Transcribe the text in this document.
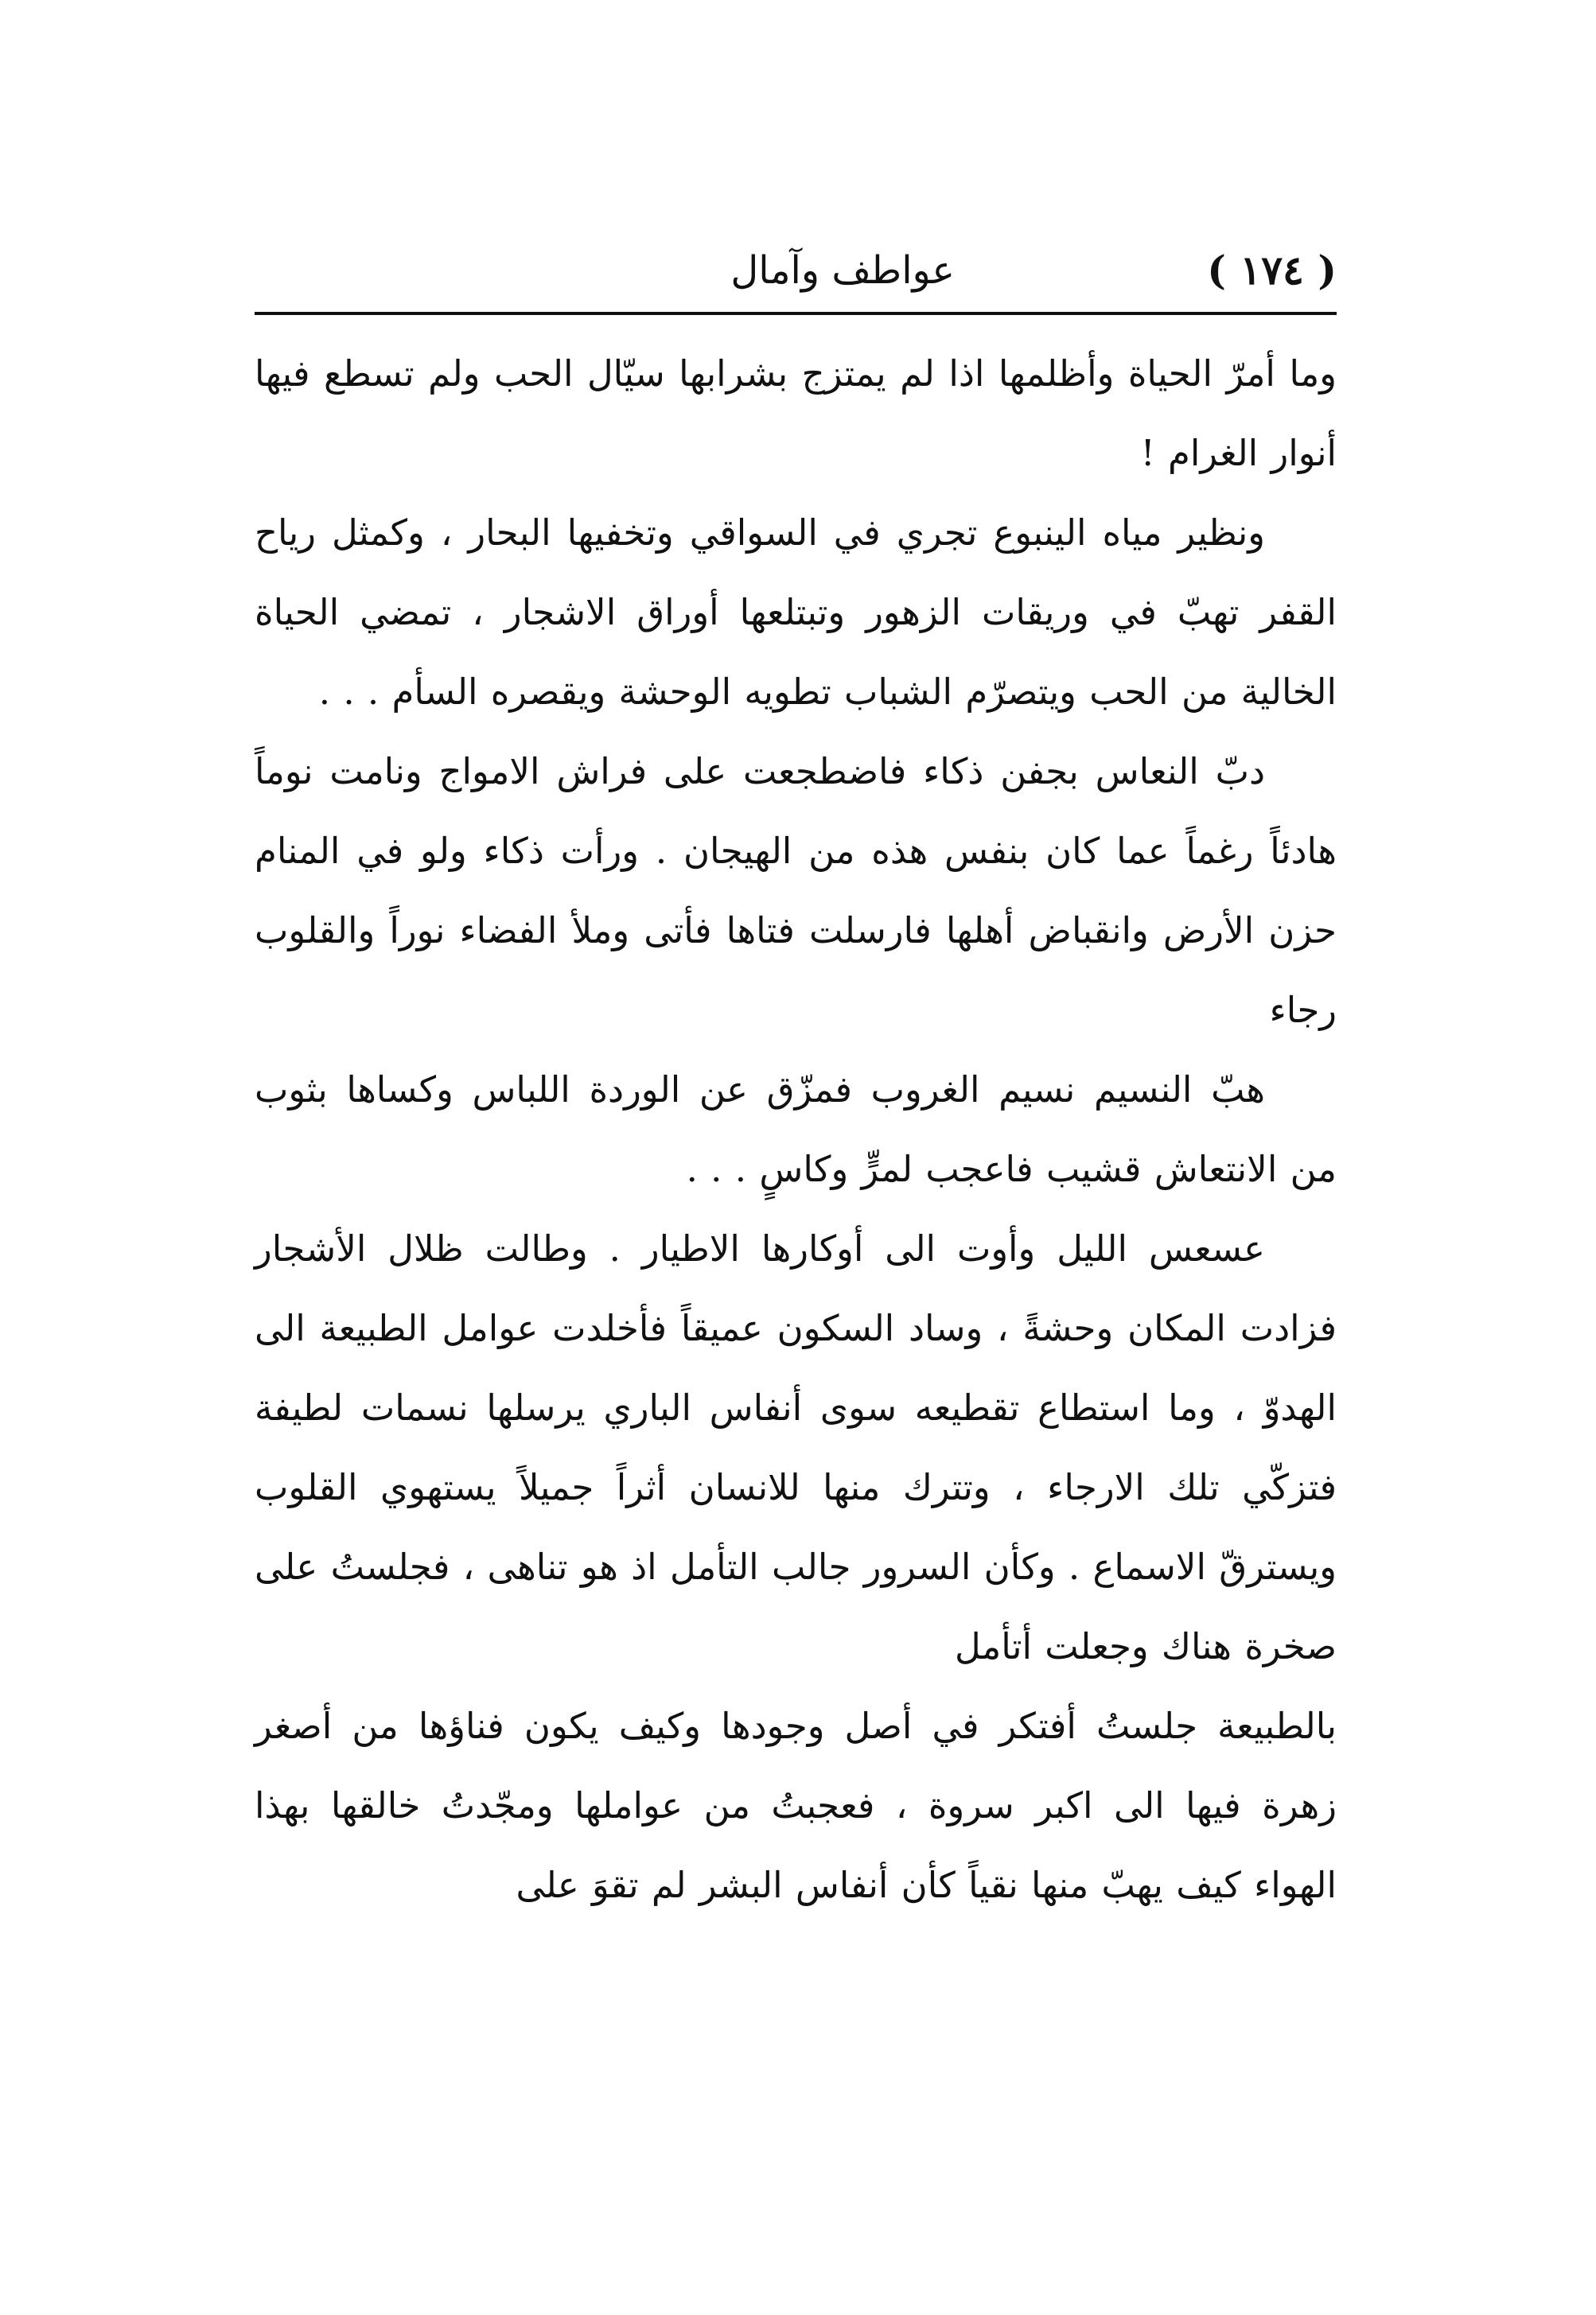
( ١٧٤ )
عواطف وآمال

وما أمرّ الحياة وأظلمها اذا لم يمتزج بشرابها سيّال الحب ولم تسطع فيها أنوار الغرام !

ونظير مياه الينبوع تجري في السواقي وتخفيها البحار ، وكمثل رياح القفر تهبّ في وريقات الزهور وتبتلعها أوراق الاشجار ، تمضي الحياة الخالية من الحب ويتصرّم الشباب تطويه الوحشة ويقصره السأم . . .

دبّ النعاس بجفن ذكاء فاضطجعت على فراش الامواج ونامت نوماً هادئاً رغماً عما كان بنفس هذه من الهيجان . ورأت ذكاء ولو في المنام حزن الأرض وانقباض أهلها فارسلت فتاها فأتى وملأ الفضاء نوراً والقلوب رجاء

هبّ النسيم نسيم الغروب فمزّق عن الوردة اللباس وكساها بثوب من الانتعاش قشيب فاعجب لمرٍّ وكاسٍ . . .

عسعس الليل وأوت الى أوكارها الاطيار . وطالت ظلال الأشجار فزادت المكان وحشةً ، وساد السكون عميقاً فأخلدت عوامل الطبيعة الى الهدوّ ، وما استطاع تقطيعه سوى أنفاس الباري يرسلها نسمات لطيفة فتزكّي تلك الارجاء ، وتترك منها للانسان أثراً جميلاً يستهوي القلوب ويسترقّ الاسماع . وكأن السرور جالب التأمل اذ هو تناهى ، فجلستُ على صخرة هناك وجعلت أتأمل

بالطبيعة جلستُ أفتكر في أصل وجودها وكيف يكون فناؤها من أصغر زهرة فيها الى اكبر سروة ، فعجبتُ من عواملها ومجّدتُ خالقها بهذا الهواء كيف يهبّ منها نقياً كأن أنفاس البشر لم تقوَ على
